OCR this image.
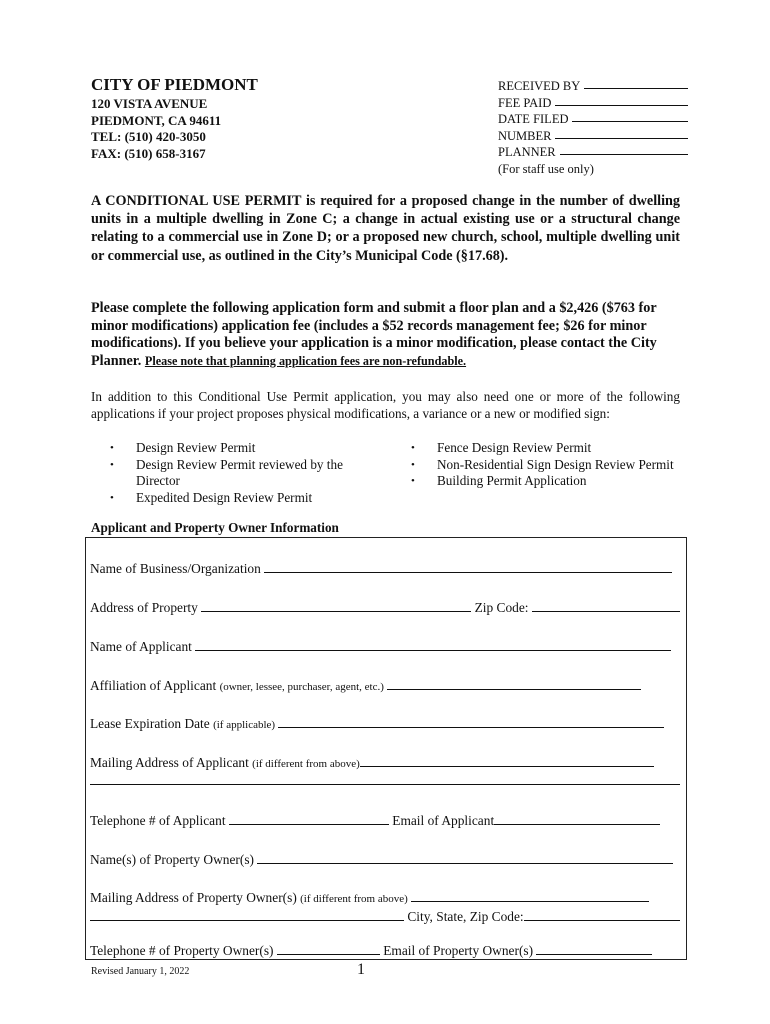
CITY OF PIEDMONT
120 VISTA AVENUE
PIEDMONT, CA 94611
TEL: (510) 420-3050
FAX: (510) 658-3167
RECEIVED BY
FEE PAID
DATE FILED
NUMBER
PLANNER
(For staff use only)
A CONDITIONAL USE PERMIT is required for a proposed change in the number of dwelling units in a multiple dwelling in Zone C; a change in actual existing use or a structural change relating to a commercial use in Zone D; or a proposed new church, school, multiple dwelling unit or commercial use, as outlined in the City’s Municipal Code (§17.68).
Please complete the following application form and submit a floor plan and a $2,426 ($763 for minor modifications) application fee (includes a $52 records management fee; $26 for minor modifications). If you believe your application is a minor modification, please contact the City Planner. Please note that planning application fees are non-refundable.
In addition to this Conditional Use Permit application, you may also need one or more of the following applications if your project proposes physical modifications, a variance or a new or modified sign:
• Design Review Permit
• Design Review Permit reviewed by the Director
• Expedited Design Review Permit
• Fence Design Review Permit
• Non-Residential Sign Design Review Permit
• Building Permit Application
Applicant and Property Owner Information
Name of Business/Organization
Address of Property	Zip Code:
Name of Applicant
Affiliation of Applicant (owner, lessee, purchaser, agent, etc.)
Lease Expiration Date (if applicable)
Mailing Address of Applicant (if different from above)
Telephone # of Applicant	Email of Applicant
Name(s) of Property Owner(s)
Mailing Address of Property Owner(s) (if different from above)
City, State, Zip Code:
Telephone # of Property Owner(s)	Email of Property Owner(s)
Revised January 1, 2022	1
